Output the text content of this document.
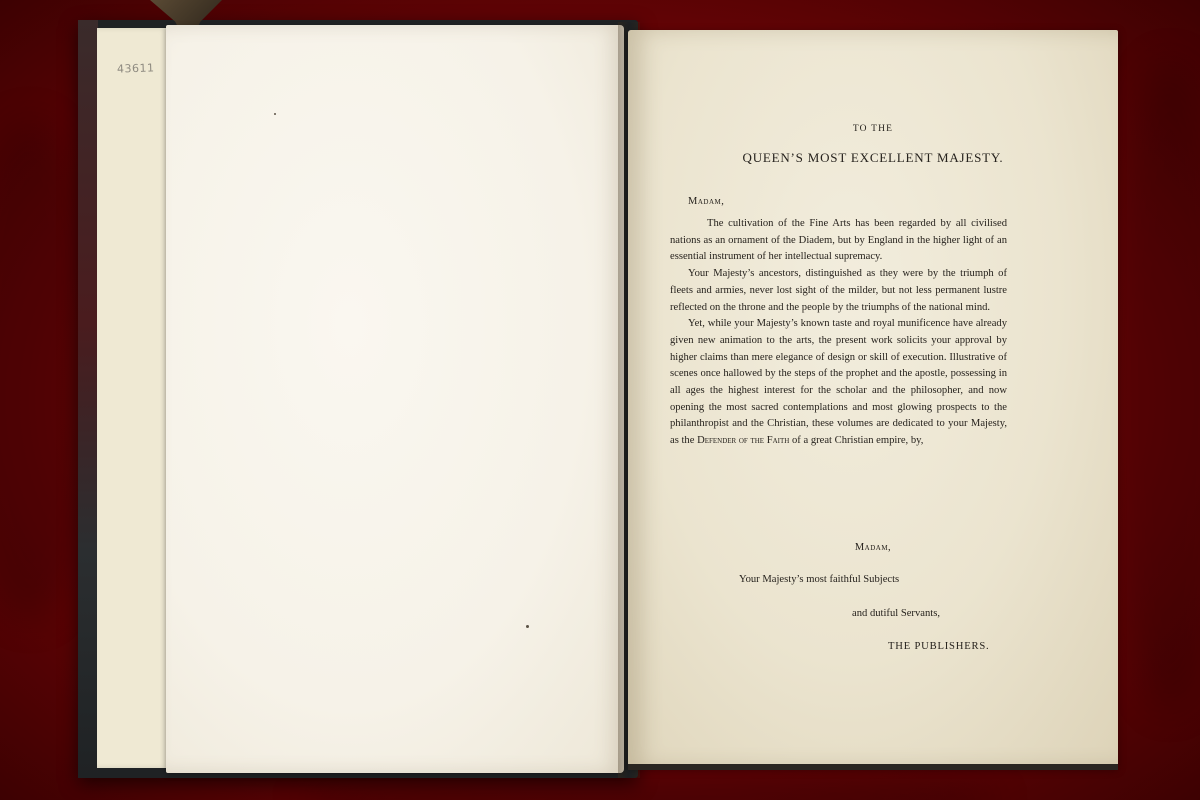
43611
TO THE
QUEEN’S MOST EXCELLENT MAJESTY.
Madam,

The cultivation of the Fine Arts has been regarded by all civilised nations as an ornament of the Diadem, but by England in the higher light of an essential instrument of her intellectual supremacy.

Your Majesty’s ancestors, distinguished as they were by the triumph of fleets and armies, never lost sight of the milder, but not less permanent lustre reflected on the throne and the people by the triumphs of the national mind.

Yet, while your Majesty’s known taste and royal munificence have already given new animation to the arts, the present work solicits your approval by higher claims than mere elegance of design or skill of execution. Illustrative of scenes once hallowed by the steps of the prophet and the apostle, possessing in all ages the highest interest for the scholar and the philosopher, and now opening the most sacred contemplations and most glowing prospects to the philanthropist and the Christian, these volumes are dedicated to your Majesty, as the Defender of the Faith of a great Christian empire, by,

Madam,
Your Majesty’s most faithful Subjects
and dutiful Servants,
THE PUBLISHERS.
